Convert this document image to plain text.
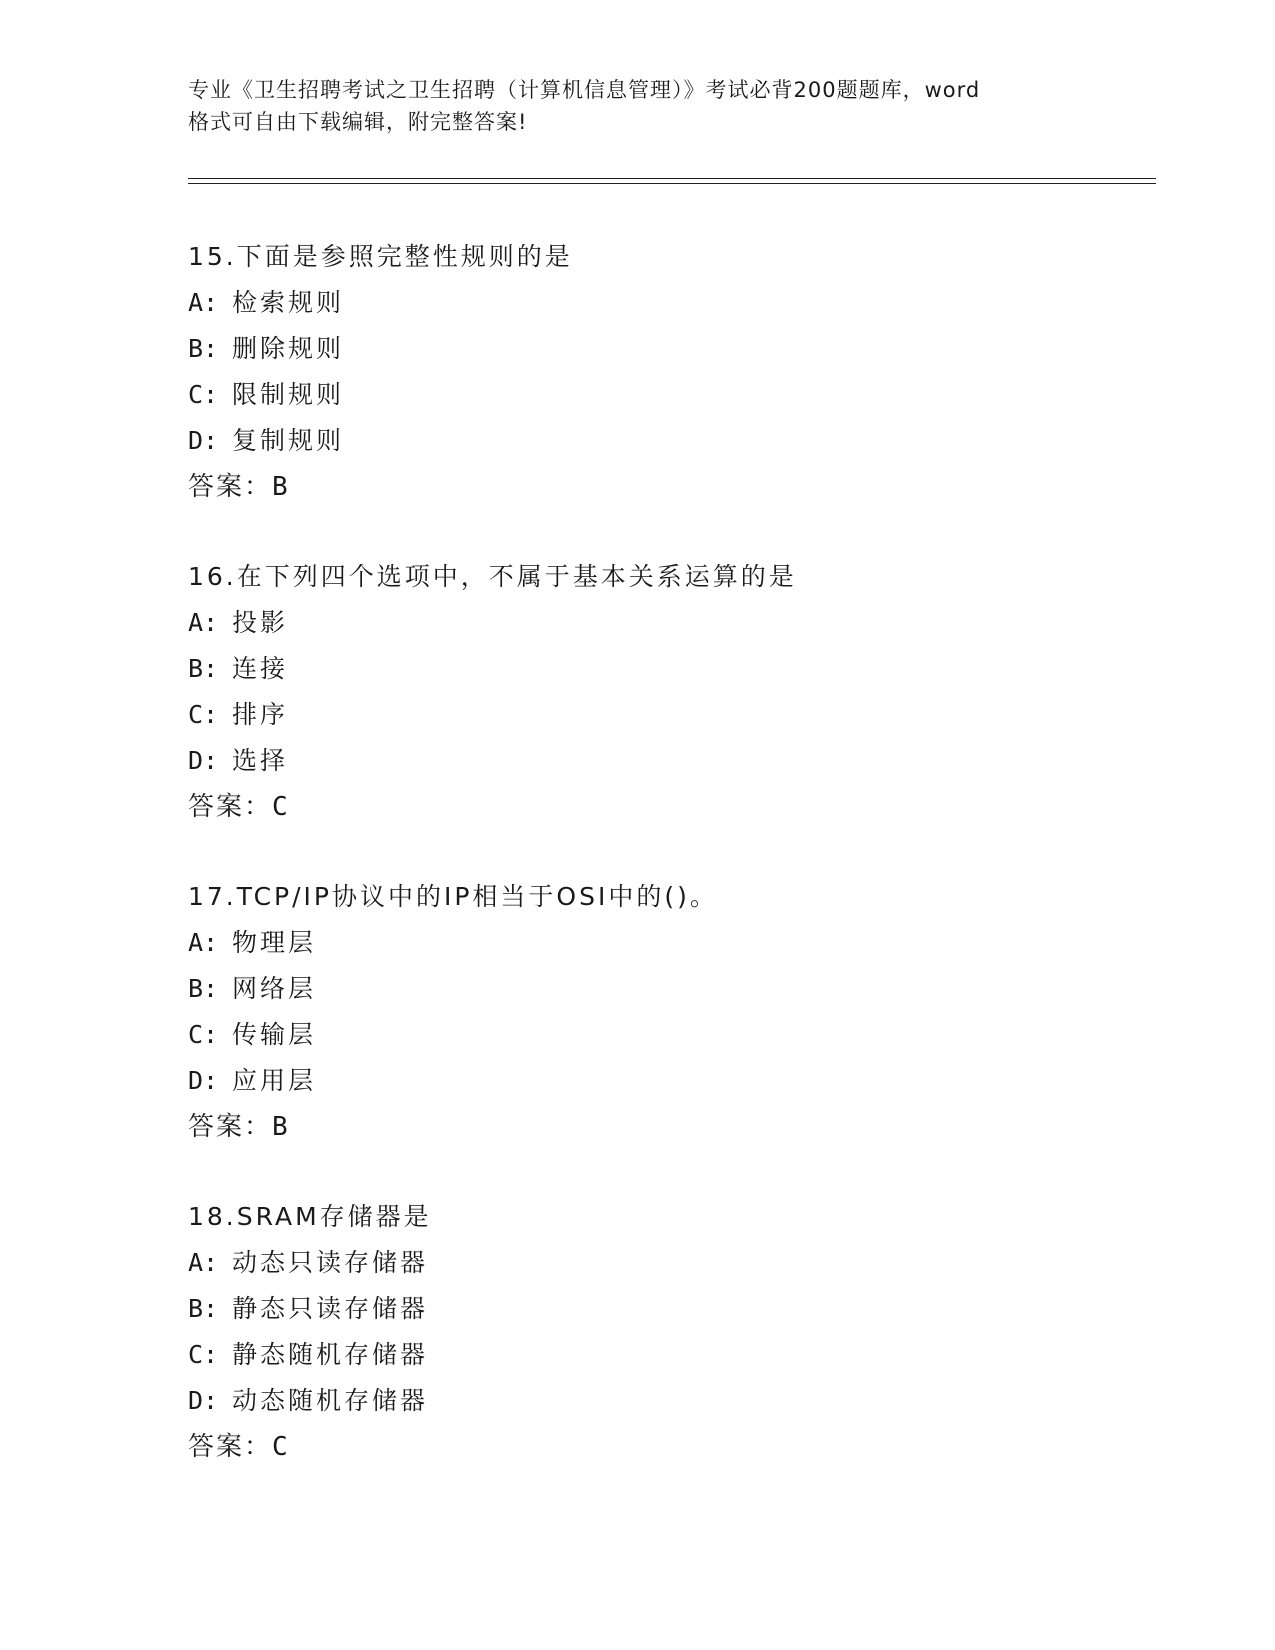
专业《卫生招聘考试之卫生招聘（计算机信息管理）》考试必背200题题库，word
格式可自由下载编辑，附完整答案!
15.下面是参照完整性规则的是
A: 检索规则
B: 删除规则
C: 限制规则
D: 复制规则
答案：B
16.在下列四个选项中，不属于基本关系运算的是
A: 投影
B: 连接
C: 排序
D: 选择
答案：C
17.TCP/IP协议中的IP相当于OSI中的()。
A: 物理层
B: 网络层
C: 传输层
D: 应用层
答案：B
18.SRAM存储器是
A: 动态只读存储器
B: 静态只读存储器
C: 静态随机存储器
D: 动态随机存储器
答案：C
